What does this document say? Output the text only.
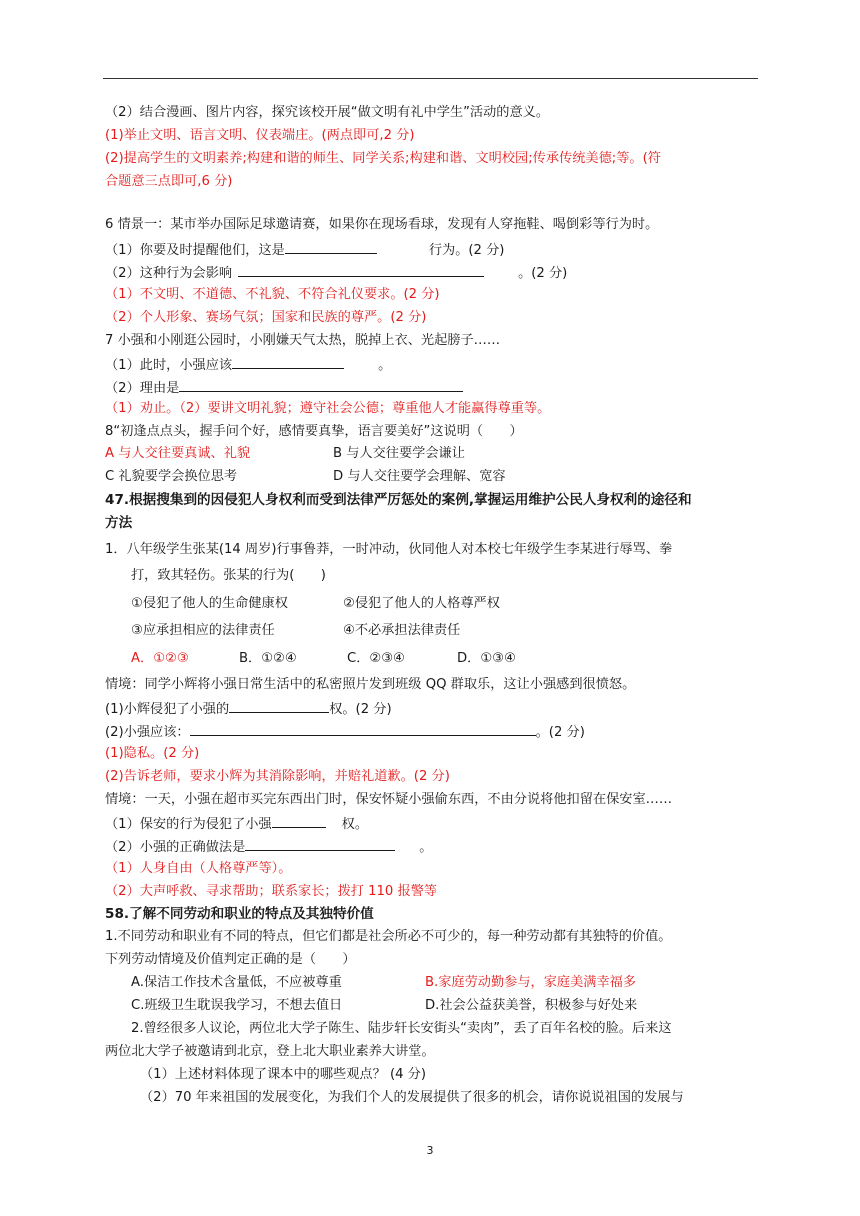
（2）结合漫画、图片内容，探究该校开展“做文明有礼中学生”活动的意义。
(1)举止文明、语言文明、仪表端庄。(两点即可,2 分)
(2)提高学生的文明素养;构建和谐的师生、同学关系;构建和谐、文明校园;传承传统美德;等。(符
合题意三点即可,6 分)
6 情景一：某市举办国际足球邀请赛，如果你在现场看球，发现有人穿拖鞋、喝倒彩等行为时。
（1）你要及时提醒他们，这是	行为。(2 分)
（2）这种行为会影响	。(2 分)
（1）不文明、不道德、不礼貌、不符合礼仪要求。(2 分)
（2）个人形象、赛场气氛；国家和民族的尊严。(2 分)
7 小强和小刚逛公园时，小刚嫌天气太热，脱掉上衣、光起膀子……
（1）此时，小强应该	。
（2）理由是
（1）劝止。（2）要讲文明礼貌；遵守社会公德；尊重他人才能赢得尊重等。
8“初逢点点头，握手问个好，感情要真挚，语言要美好”这说明（　　）
A 与人交往要真诚、礼貌	B 与人交往要学会谦让
C 礼貌要学会换位思考	D 与人交往要学会理解、宽容
47.根据搜集到的因侵犯人身权利而受到法律严厉惩处的案例,掌握运用维护公民人身权利的途径和
方法
1．八年级学生张某(14 周岁)行事鲁莽，一时冲动，伙同他人对本校七年级学生李某进行辱骂、拳
打，致其轻伤。张某的行为(　　)
①侵犯了他人的生命健康权	②侵犯了他人的人格尊严权
③应承担相应的法律责任	④不必承担法律责任
A．①②③	B．①②④	C．②③④	D．①③④
情境：同学小辉将小强日常生活中的私密照片发到班级 QQ 群取乐，这让小强感到很愤怒。
(1)小辉侵犯了小强的	权。(2 分)
(2)小强应该：	。(2 分)
(1)隐私。(2 分)
(2)告诉老师，要求小辉为其消除影响，并赔礼道歉。(2 分)
情境：一天，小强在超市买完东西出门时，保安怀疑小强偷东西，不由分说将他扣留在保安室……
（1）保安的行为侵犯了小强	权。
（2）小强的正确做法是	。
（1）人身自由（人格尊严等）。
（2）大声呼救、寻求帮助；联系家长；拨打 110 报警等
58.了解不同劳动和职业的特点及其独特价值
1.不同劳动和职业有不同的特点，但它们都是社会所必不可少的，每一种劳动都有其独特的价值。
下列劳动情境及价值判定正确的是（　　）
A.保洁工作技术含量低，不应被尊重	B.家庭劳动勤参与，家庭美满幸福多
C.班级卫生耽误我学习，不想去值日	D.社会公益获美誉，积极参与好处来
2.曾经很多人议论，两位北大学子陈生、陆步轩长安街头“卖肉”，丢了百年名校的脸。后来这
两位北大学子被邀请到北京，登上北大职业素养大讲堂。
（1）上述材料体现了课本中的哪些观点？ (4 分)
（2）70 年来祖国的发展变化，为我们个人的发展提供了很多的机会，请你说说祖国的发展与
3
